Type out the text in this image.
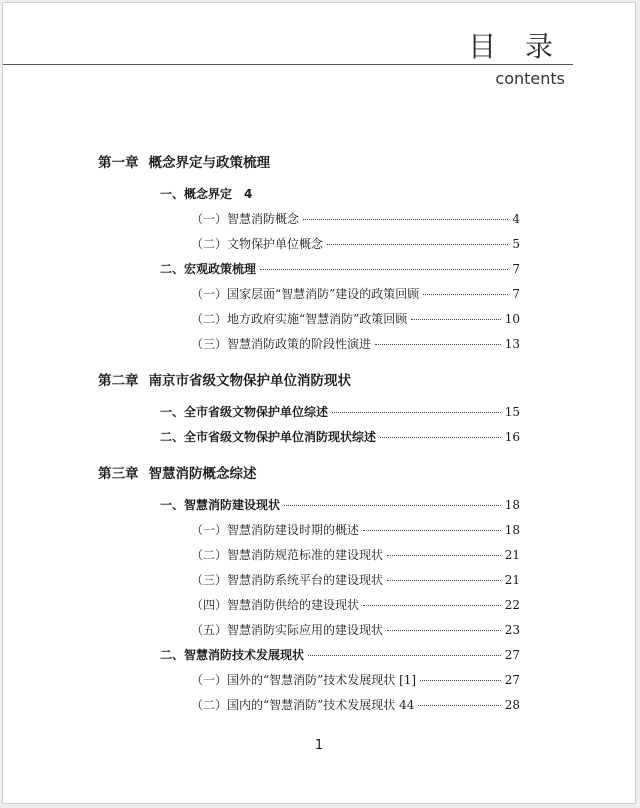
目 录
contents
第一章 概念界定与政策梳理
一、概念界定　4
（一）智慧消防概念	4
（二）文物保护单位概念	5
二、宏观政策梳理	7
（一）国家层面“智慧消防”建设的政策回顾	7
（二）地方政府实施“智慧消防”政策回顾	10
（三）智慧消防政策的阶段性演进	13
第二章 南京市省级文物保护单位消防现状
一、全市省级文物保护单位综述	15
二、全市省级文物保护单位消防现状综述	16
第三章 智慧消防概念综述
一、智慧消防建设现状	18
（一）智慧消防建设时期的概述	18
（二）智慧消防规范标准的建设现状	21
（三）智慧消防系统平台的建设现状	21
（四）智慧消防供给的建设现状	22
（五）智慧消防实际应用的建设现状	23
二、智慧消防技术发展现状	27
（一）国外的“智慧消防”技术发展现状 [1]	27
（二）国内的“智慧消防”技术发展现状 44	28
1
